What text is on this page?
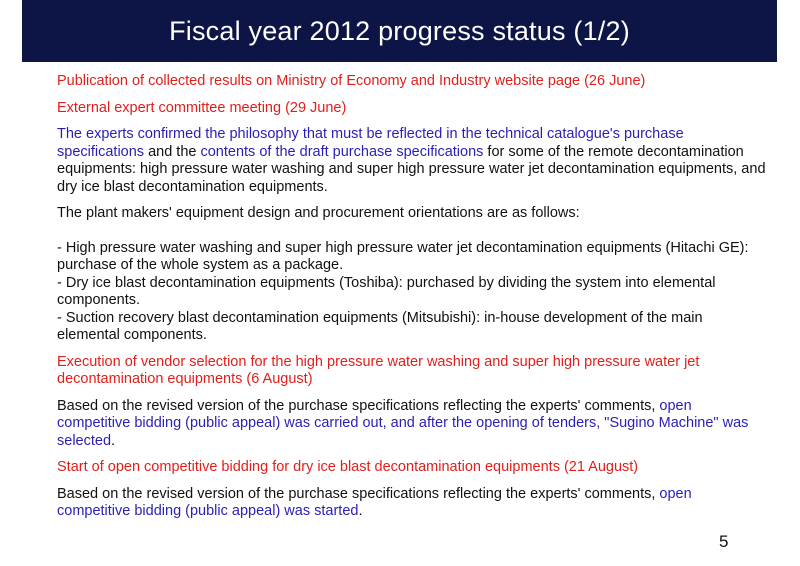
Fiscal year 2012 progress status (1/2)

Publication of collected results on Ministry of Economy and Industry website page (26 June)

External expert committee meeting (29 June)

The experts confirmed the philosophy that must be reflected in the technical catalogue's purchase specifications and the contents of the draft purchase specifications for some of the remote decontamination equipments: high pressure water washing and super high pressure water jet decontamination equipments, and dry ice blast decontamination equipments.

The plant makers' equipment design and procurement orientations are as follows:

- High pressure water washing and super high pressure water jet decontamination equipments (Hitachi GE): purchase of the whole system as a package.

- Dry ice blast decontamination equipments (Toshiba): purchased by dividing the system into elemental components.

- Suction recovery blast decontamination equipments (Mitsubishi): in-house development of the main elemental components.

Execution of vendor selection for the high pressure water washing and super high pressure water jet decontamination equipments (6 August)

Based on the revised version of the purchase specifications reflecting the experts' comments, open competitive bidding (public appeal) was carried out, and after the opening of tenders, "Sugino Machine" was selected.

Start of open competitive bidding for dry ice blast decontamination equipments (21 August)

Based on the revised version of the purchase specifications reflecting the experts' comments, open competitive bidding (public appeal) was started.

5
